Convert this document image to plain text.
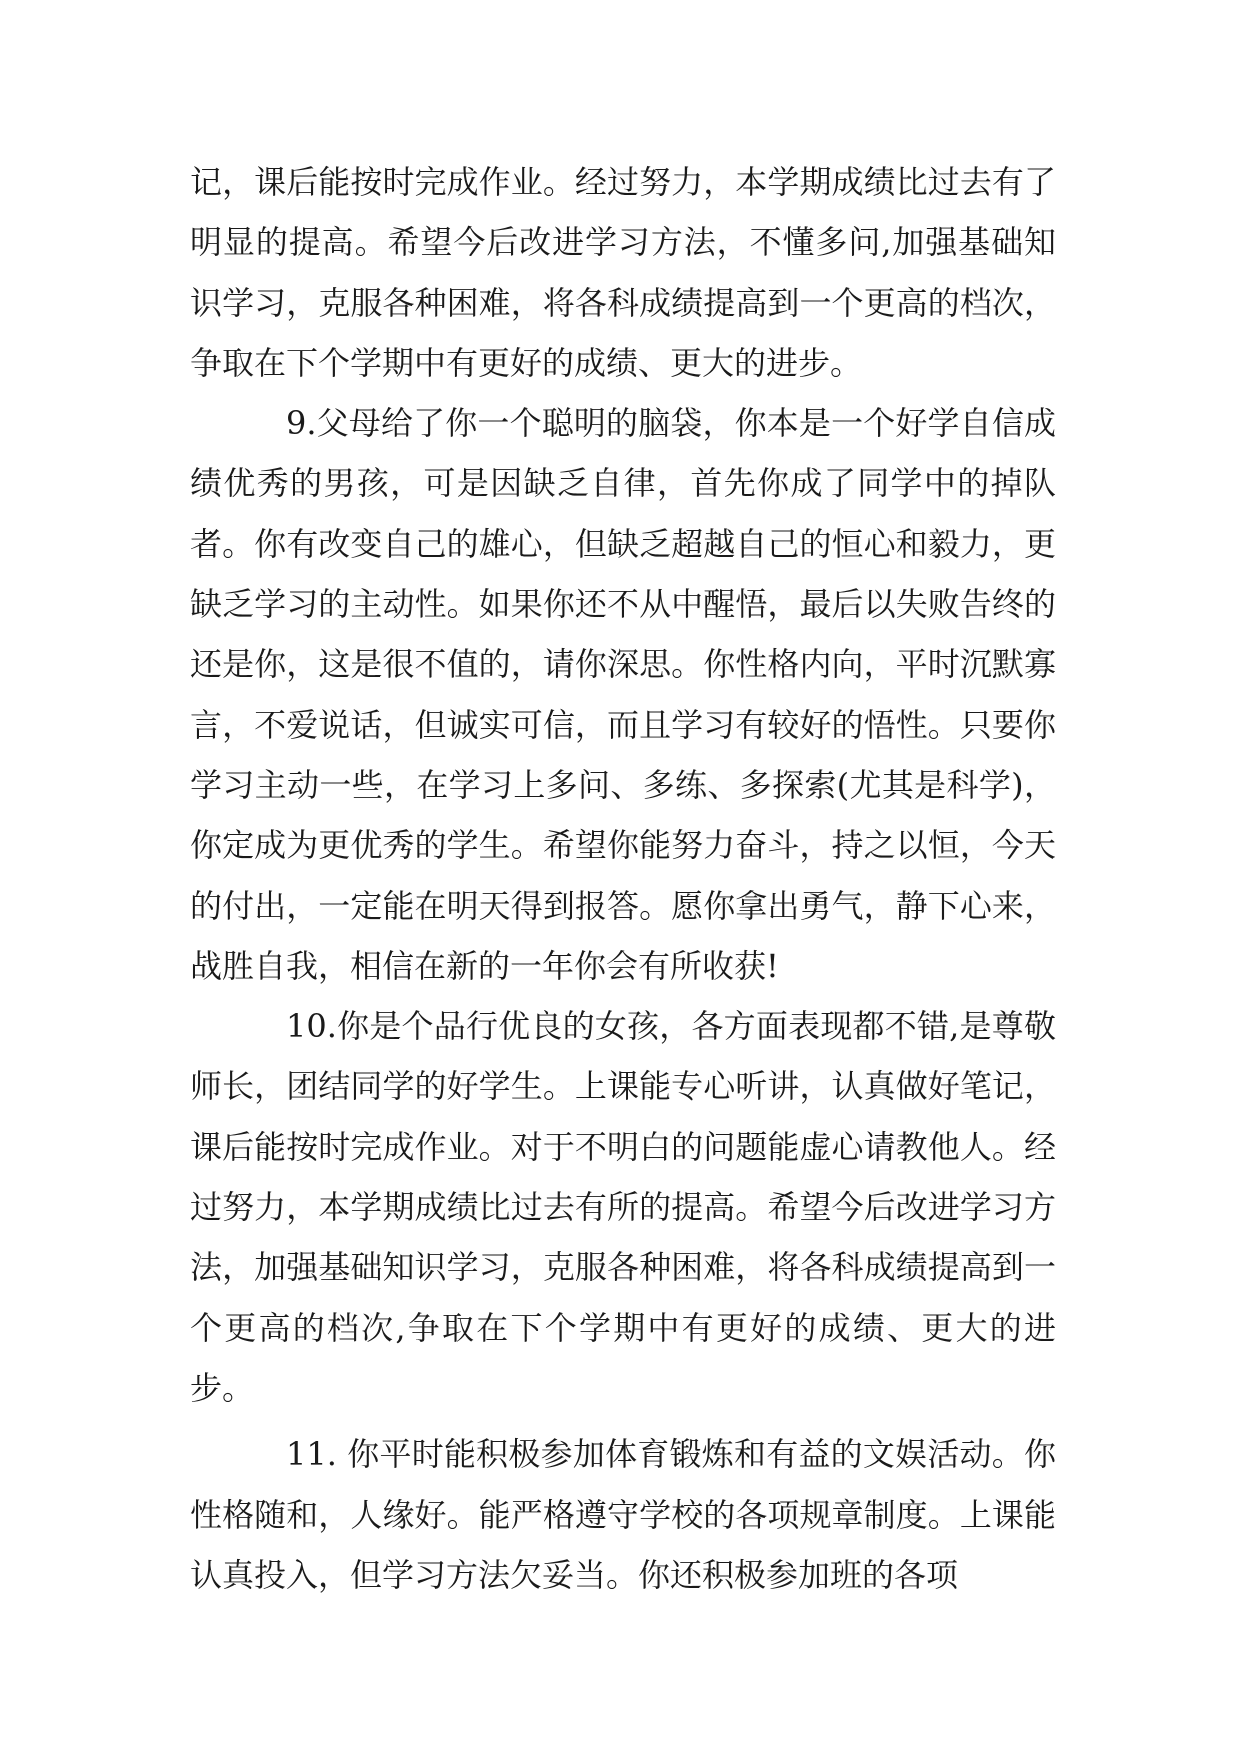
记，课后能按时完成作业。经过努力，本学期成绩比过去有了明显的提高。希望今后改进学习方法，不懂多问,加强基础知识学习，克服各种困难，将各科成绩提高到一个更高的档次，争取在下个学期中有更好的成绩、更大的进步。

9.父母给了你一个聪明的脑袋，你本是一个好学自信成绩优秀的男孩，可是因缺乏自律，首先你成了同学中的掉队者。你有改变自己的雄心，但缺乏超越自己的恒心和毅力，更缺乏学习的主动性。如果你还不从中醒悟，最后以失败告终的还是你，这是很不值的，请你深思。你性格内向，平时沉默寡言，不爱说话，但诚实可信，而且学习有较好的悟性。只要你学习主动一些，在学习上多问、多练、多探索(尤其是科学)，你定成为更优秀的学生。希望你能努力奋斗，持之以恒，今天的付出，一定能在明天得到报答。愿你拿出勇气，静下心来，战胜自我，相信在新的一年你会有所收获!

10.你是个品行优良的女孩，各方面表现都不错,是尊敬师长，团结同学的好学生。上课能专心听讲，认真做好笔记，课后能按时完成作业。对于不明白的问题能虚心请教他人。经过努力，本学期成绩比过去有所的提高。希望今后改进学习方法，加强基础知识学习，克服各种困难，将各科成绩提高到一个更高的档次,争取在下个学期中有更好的成绩、更大的进步。

11. 你平时能积极参加体育锻炼和有益的文娱活动。你性格随和，人缘好。能严格遵守学校的各项规章制度。上课能认真投入，但学习方法欠妥当。你还积极参加班的各项
